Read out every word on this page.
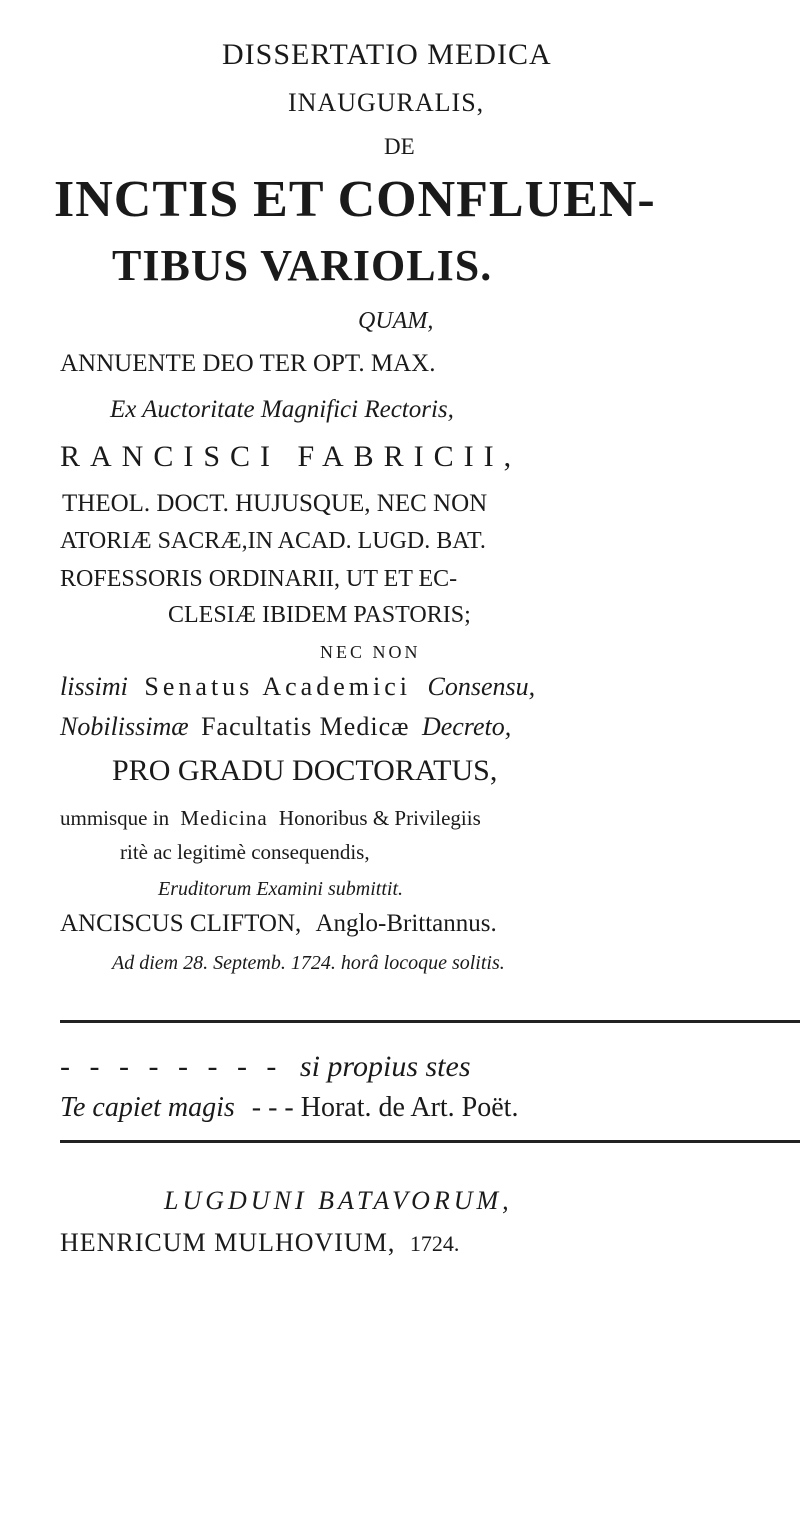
DISSERTATIO MEDICA
INAUGURALIS,
DE
INCTIS ET CONFLUEN-
TIBUS VARIOLIS.
QUAM,
ANNUENTE DEO TER OPT. MAX.
Ex Auctoritate Magnifici Rectoris,
RANCISCI FABRICII,
THEOL. DOCT. HUJUSQUE, NEC NON
ATORIÆ SACRÆ,IN ACAD. LUGD. BAT.
ROFESSORIS ORDINARII, UT ET EC-
CLESIÆ IBIDEM PASTORIS;
NEC NON
lissimi Senatus Academici Consensu,
Nobilissimæ Facultatis Medicæ Decreto,
PRO GRADU DOCTORATUS,
ummisque in Medicina Honoribus & Privilegiis
ritè ac legitimè consequendis,
Eruditorum Examini submittit.
ANCISCUS CLIFTON, Anglo-Brittannus.
Ad diem 28. Septemb. 1724. horâ locoque solitis.
- - - - - - - - si propius stes
Te capiet magis - - - Horat. de Art. Poët.
LUGDUNI BATAVORUM,
HENRICUM MULHOVIUM, 1724.
